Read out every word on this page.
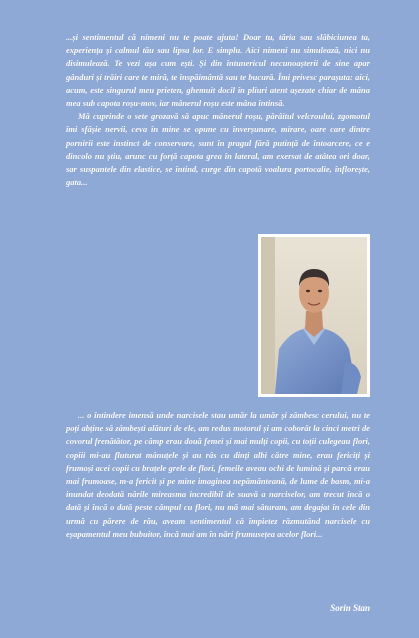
...și sentimentul că nimeni nu te poate ajuta! Doar tu, tăria sau slăbiciunea ta, experiența și calmul tău sau lipsa lor. E simplu. Aici nimeni nu simulează, nici nu disimulează. Te vezi așa cum ești. Și din întunericul necunoașterii de sine apar gânduri și trăiri care te miră, te înspăimântă sau te bucură. Îmi privesc parașuta: aici, acum, este singurul meu prieten, ghemuit docil în pliuri atent așezate chiar de mâna mea sub capota roșu-mov, iar mânerul roșu este mâna întinsă.

Mă cuprinde o sete grozavă să apuc mânerul roșu, părâitul velcroului, zgomotul îmi sfâșie nervii, ceva în mine se opune cu înverșunare, mirare, oare care dintre pornirii este instinct de conservare, sunt în pragul fără putință de întoarcere, ce e dincolo nu știu, arunc cu forță capota grea în lateral, am exersat de atâtea ori doar, sar suspantele din elastice, se întind, curge din capotă voalura portocalie, înflorește, gata...

... o întindere imensă unde narcisele stau umăr la umăr și zâmbesc cerului, nu te poți abține să zâmbești alături de ele, am redus motorul și am coborât la cinci metri de covorul frenătător, pe câmp erau două femei și mai mulți copii, cu toții culegeau flori, copiii mi-au fluturat mânuțele și au râs cu dinți albi către mine, erau fericiți și frumoși acei copii cu brațele grele de flori, femeile aveau ochi de lumină și parcă erau mai frumoase, m-a fericit și pe mine imaginea nepământeană, de lume de basm, mi-a inundat deodată nările mireasma incredibil de suavă a narciselor, am trecut încă o dată și încă o dată peste câmpul cu flori, nu mă mai săturam, am degajat în cele din urmă cu părere de rău, aveam sentimentul că împietez răzmutând narcisele cu eșapamentul meu bubuitor, încă mai am în nări frumusețea acelor flori...

Sorin Stan
